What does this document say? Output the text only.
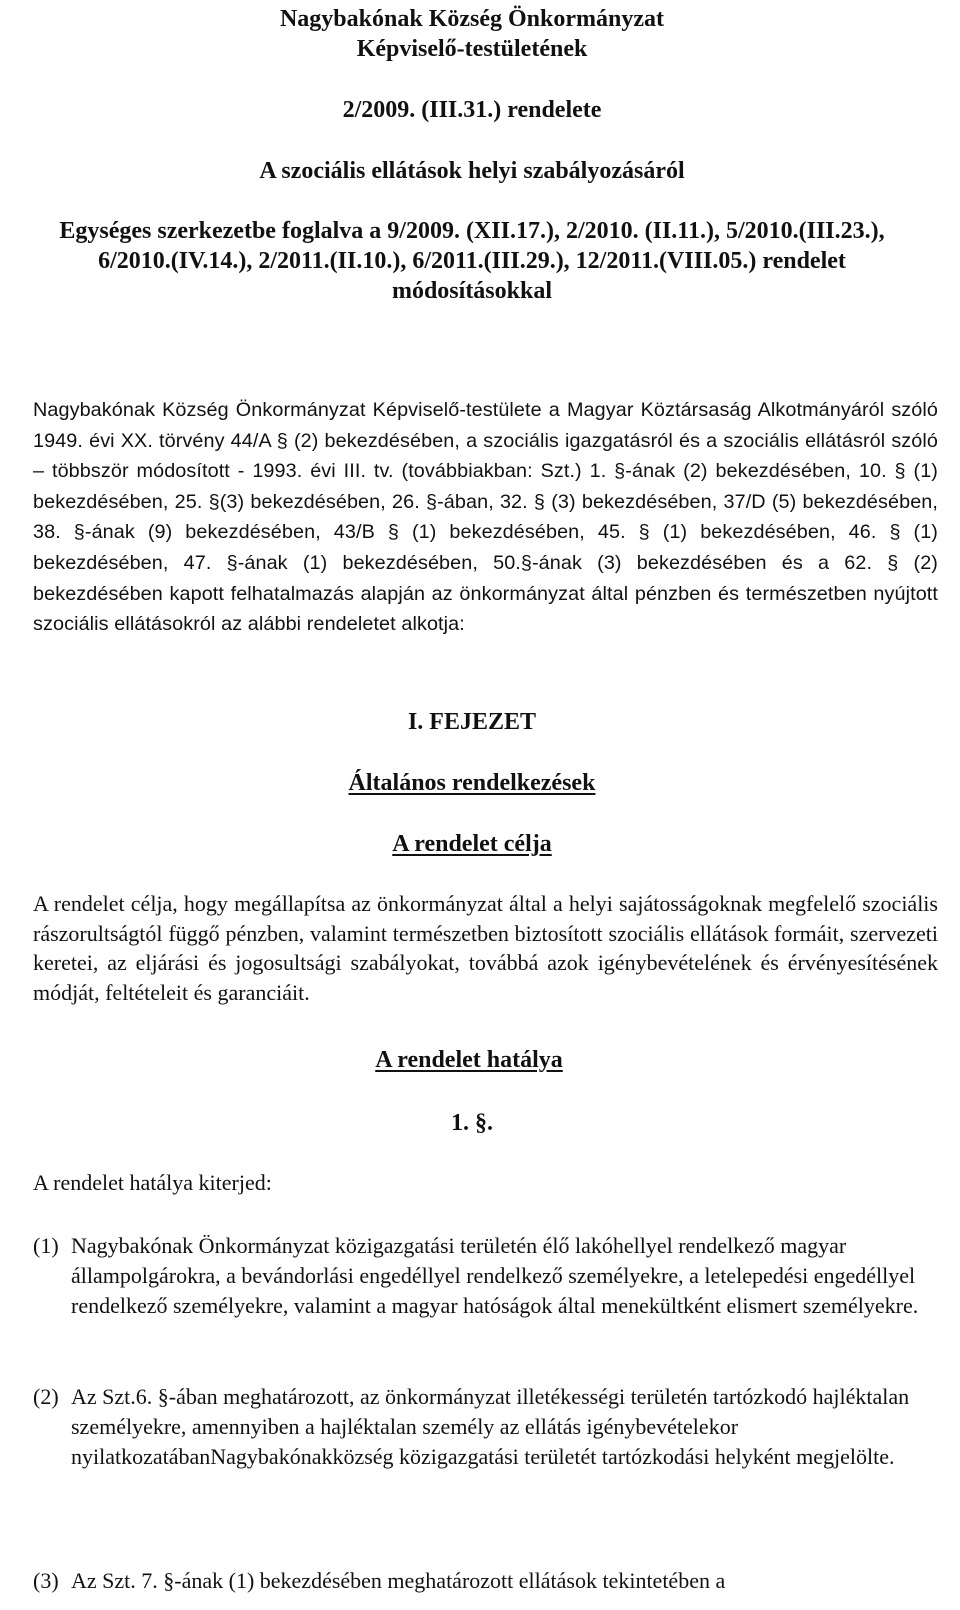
Nagybakónak Község Önkormányzat
Képviselő-testületének
2/2009. (III.31.) rendelete
A szociális ellátások helyi szabályozásáról
Egységes szerkezetbe foglalva a 9/2009. (XII.17.), 2/2010. (II.11.), 5/2010.(III.23.),
6/2010.(IV.14.), 2/2011.(II.10.), 6/2011.(III.29.), 12/2011.(VIII.05.) rendelet
módosításokkal
Nagybakónak Község Önkormányzat Képviselő-testülete a Magyar Köztársaság Alkotmányáról szóló 1949. évi XX. törvény 44/A § (2) bekezdésében, a szociális igazgatásról és a szociális ellátásról szóló – többször módosított - 1993. évi III. tv. (továbbiakban: Szt.) 1. §-ának (2) bekezdésében, 10. § (1) bekezdésében, 25. §(3) bekezdésében, 26. §-ában, 32. § (3) bekezdésében, 37/D (5) bekezdésében, 38. §-ának (9) bekezdésében, 43/B § (1) bekezdésében, 45. § (1) bekezdésében, 46. § (1) bekezdésében, 47. §-ának (1) bekezdésében, 50.§-ának (3) bekezdésében és a 62. § (2) bekezdésében kapott felhatalmazás alapján az önkormányzat által pénzben és természetben nyújtott szociális ellátásokról az alábbi rendeletet alkotja:
I. FEJEZET
Általános rendelkezések
A rendelet célja
A rendelet célja, hogy megállapítsa az önkormányzat által a helyi sajátosságoknak megfelelő szociális rászorultságtól függő pénzben, valamint természetben biztosított szociális ellátások formáit, szervezeti keretei, az eljárási és jogosultsági szabályokat, továbbá azok igénybevételének és érvényesítésének módját, feltételeit és garanciáit.
A rendelet hatálya
1. §.
A rendelet hatálya kiterjed:
(1) Nagybakónak Önkormányzat közigazgatási területén élő lakóhellyel rendelkező magyar állampolgárokra, a bevándorlási engedéllyel rendelkező személyekre, a letelepedési engedéllyel rendelkező személyekre, valamint a magyar hatóságok által menekültként elismert személyekre.
(2) Az Szt.6. §-ában meghatározott, az önkormányzat illetékességi területén tartózkodó hajléktalan személyekre, amennyiben a hajléktalan személy az ellátás igénybevételekor nyilatkozatábanNagybakónakközség közigazgatási területét tartózkodási helyként megjelölte.
(3) Az Szt. 7. §-ának (1) bekezdésében meghatározott ellátások tekintetében a
